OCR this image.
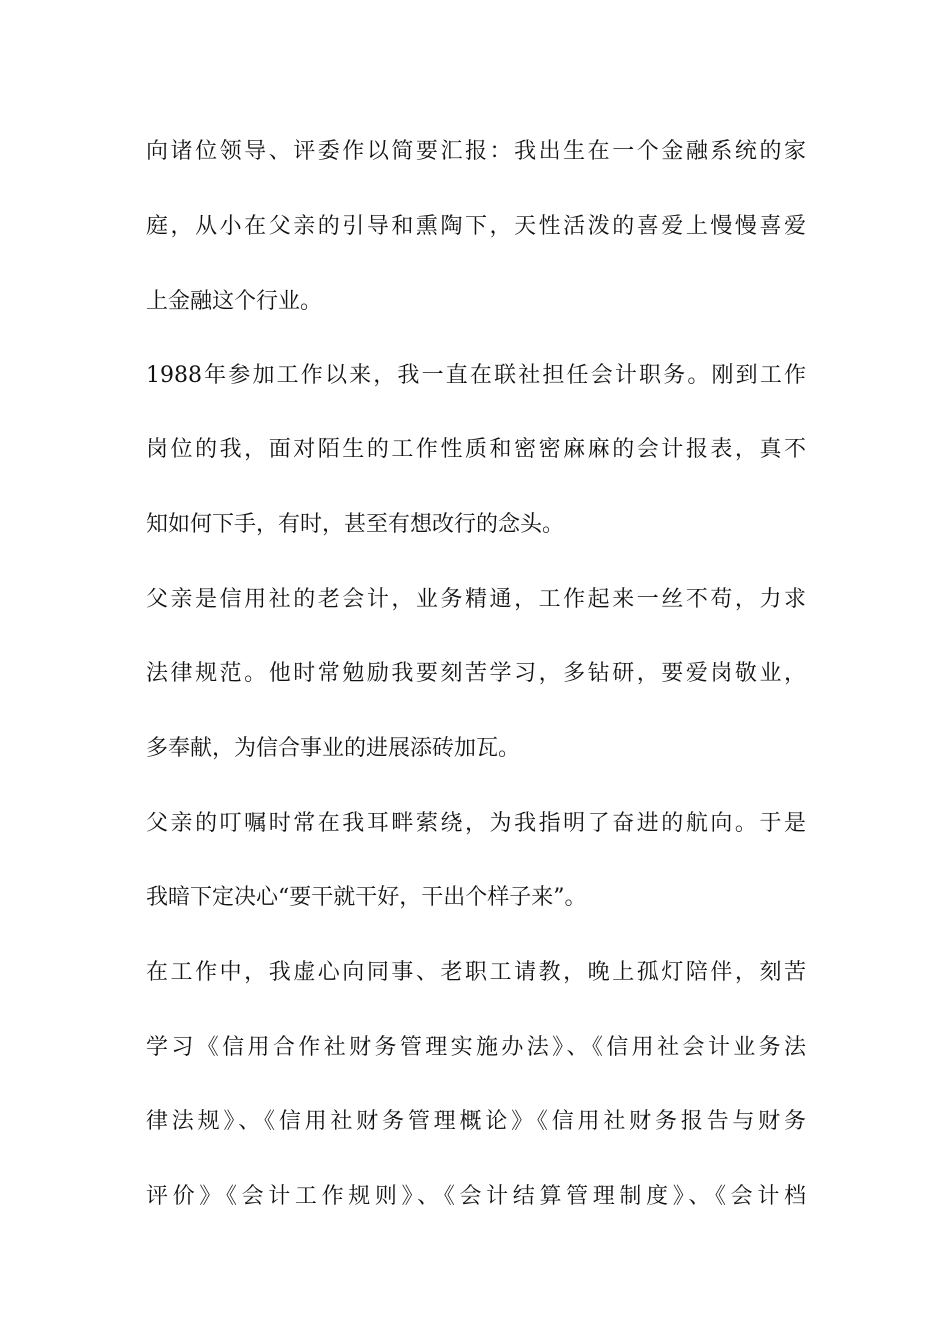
向诸位领导、评委作以简要汇报：我出生在一个金融系统的家
庭，从小在父亲的引导和熏陶下，天性活泼的喜爱上慢慢喜爱
上金融这个行业。
1988年参加工作以来，我一直在联社担任会计职务。刚到工作
岗位的我，面对陌生的工作性质和密密麻麻的会计报表，真不
知如何下手，有时，甚至有想改行的念头。
父亲是信用社的老会计，业务精通，工作起来一丝不苟，力求
法律规范。他时常勉励我要刻苦学习，多钻研，要爱岗敬业，
多奉献，为信合事业的进展添砖加瓦。
父亲的叮嘱时常在我耳畔萦绕，为我指明了奋进的航向。于是
我暗下定决心“要干就干好，干出个样子来”。
在工作中，我虚心向同事、老职工请教，晚上孤灯陪伴，刻苦
学习《信用合作社财务管理实施办法》、《信用社会计业务法
律法规》、《信用社财务管理概论》《信用社财务报告与财务
评价》《会计工作规则》、《会计结算管理制度》、《会计档
